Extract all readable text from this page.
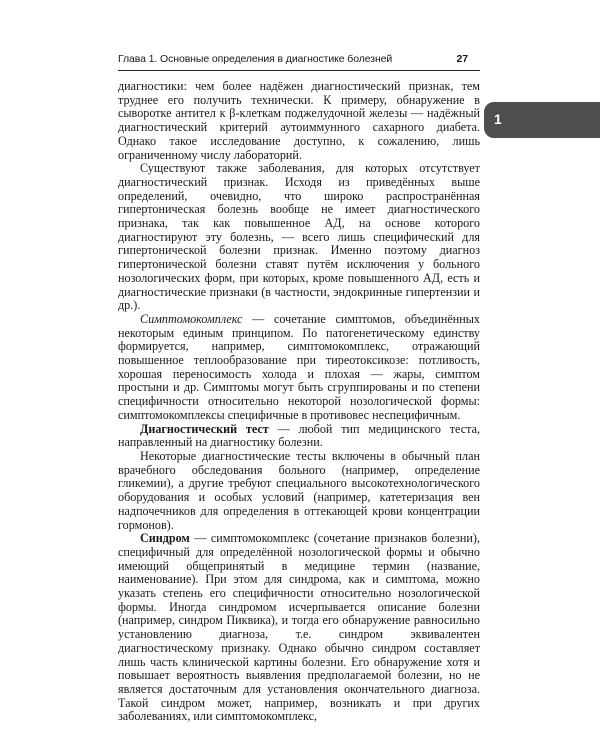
Глава 1. Основные определения в диагностике болезней	27
1

диагностики: чем более надёжен диагностический признак, тем труднее его получить технически. К примеру, обнаружение в сыворотке антител к β-клеткам поджелудочной железы — надёжный диагностический критерий аутоиммунного сахарного диабета. Однако такое исследование доступно, к сожалению, лишь ограниченному числу лабораторий.

Существуют также заболевания, для которых отсутствует диагностический признак. Исходя из приведённых выше определений, очевидно, что широко распространённая гипертоническая болезнь вообще не имеет диагностического признака, так как повышенное АД, на основе которого диагностируют эту болезнь, — всего лишь специфический для гипертонической болезни признак. Именно поэтому диагноз гипертонической болезни ставят путём исключения у больного нозологических форм, при которых, кроме повышенного АД, есть и диагностические признаки (в частности, эндокринные гипертензии и др.).

Симптомокомплекс — сочетание симптомов, объединённых некоторым единым принципом. По патогенетическому единству формируется, например, симптомокомплекс, отражающий повышенное теплообразование при тиреотоксикозе: потливость, хорошая переносимость холода и плохая — жары, симптом простыни и др. Симптомы могут быть сгруппированы и по степени специфичности относительно некоторой нозологической формы: симптомокомплексы специфичные в противовес неспецифичным.

Диагностический тест — любой тип медицинского теста, направленный на диагностику болезни.

Некоторые диагностические тесты включены в обычный план врачебного обследования больного (например, определение гликемии), а другие требуют специального высокотехнологического оборудования и особых условий (например, катетеризация вен надпочечников для определения в оттекающей крови концентрации гормонов).

Синдром — симптомокомплекс (сочетание признаков болезни), специфичный для определённой нозологической формы и обычно имеющий общепринятый в медицине термин (название, наименование). При этом для синдрома, как и симптома, можно указать степень его специфичности относительно нозологической формы. Иногда синдромом исчерпывается описание болезни (например, синдром Пиквика), и тогда его обнаружение равносильно установлению диагноза, т.е. синдром эквивалентен диагностическому признаку. Однако обычно синдром составляет лишь часть клинической картины болезни. Его обнаружение хотя и повышает вероятность выявления предполагаемой болезни, но не является достаточным для установления окончательного диагноза. Такой синдром может, например, возникать и при других заболеваниях, или симптомокомплекс,
